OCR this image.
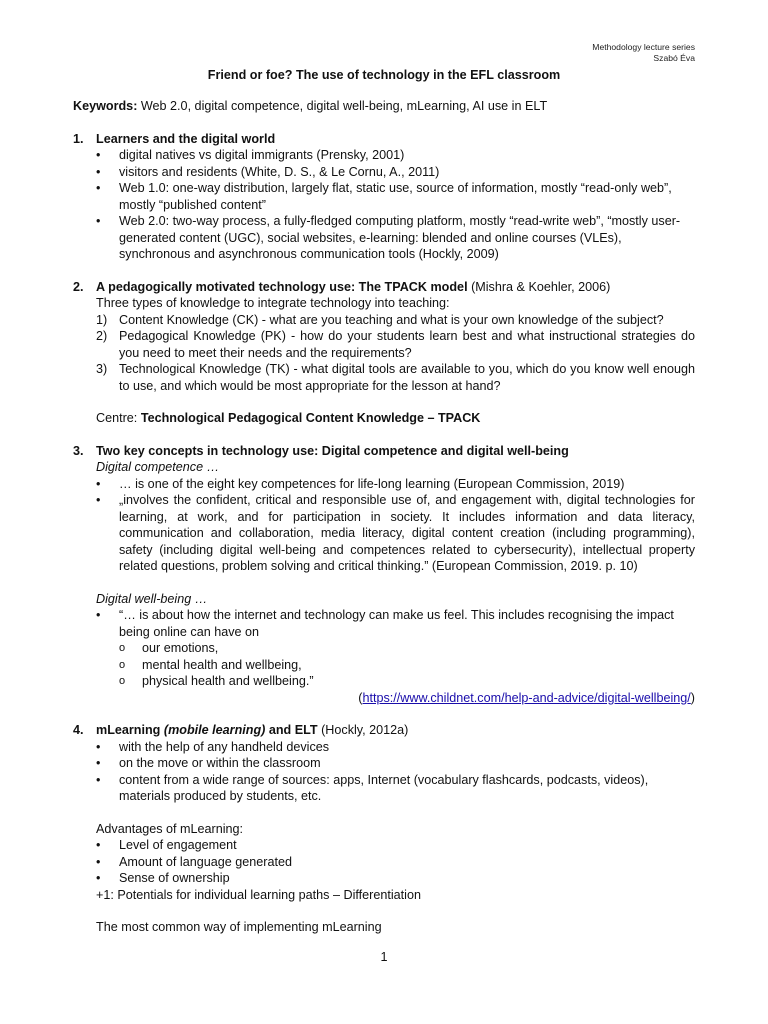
Methodology lecture series
Szabó Éva
Friend or foe? The use of technology in the EFL classroom

Keywords: Web 2.0, digital competence, digital well-being, mLearning, AI use in ELT

1. Learners and the digital world
• digital natives vs digital immigrants (Prensky, 2001)
• visitors and residents (White, D. S., & Le Cornu, A., 2011)
• Web 1.0: one-way distribution, largely flat, static use, source of information, mostly “read-only web”, mostly “published content”
• Web 2.0: two-way process, a fully-fledged computing platform, mostly “read-write web”, “mostly user-generated content (UGC), social websites, e-learning: blended and online courses (VLEs), synchronous and asynchronous communication tools (Hockly, 2009)
2. A pedagogically motivated technology use: The TPACK model (Mishra & Koehler, 2006)

Three types of knowledge to integrate technology into teaching:

1) Content Knowledge (CK) - what are you teaching and what is your own knowledge of the subject?
2) Pedagogical Knowledge (PK) - how do your students learn best and what instructional strategies do you need to meet their needs and the requirements?
3) Technological Knowledge (TK) - what digital tools are available to you, which do you know well enough to use, and which would be most appropriate for the lesson at hand?

Centre: Technological Pedagogical Content Knowledge – TPACK

3. Two key concepts in technology use: Digital competence and digital well-being

Digital competence …

• … is one of the eight key competences for life-long learning (European Commission, 2019)
• „involves the confident, critical and responsible use of, and engagement with, digital technologies for learning, at work, and for participation in society. It includes information and data literacy, communication and collaboration, media literacy, digital content creation (including programming), safety (including digital well-being and competences related to cybersecurity), intellectual property related questions, problem solving and critical thinking.” (European Commission, 2019. p. 10)

Digital well-being …

• “… is about how the internet and technology can make us feel. This includes recognising the impact being online can have on
o our emotions,
o mental health and wellbeing,
o physical health and wellbeing.”

(https://www.childnet.com/help-and-advice/digital-wellbeing/)

4. mLearning (mobile learning) and ELT (Hockly, 2012a)
• with the help of any handheld devices
• on the move or within the classroom
• content from a wide range of sources: apps, Internet (vocabulary flashcards, podcasts, videos), materials produced by students, etc.

Advantages of mLearning:

• Level of engagement
• Amount of language generated
• Sense of ownership

+1: Potentials for individual learning paths – Differentiation

The most common way of implementing mLearning

1
